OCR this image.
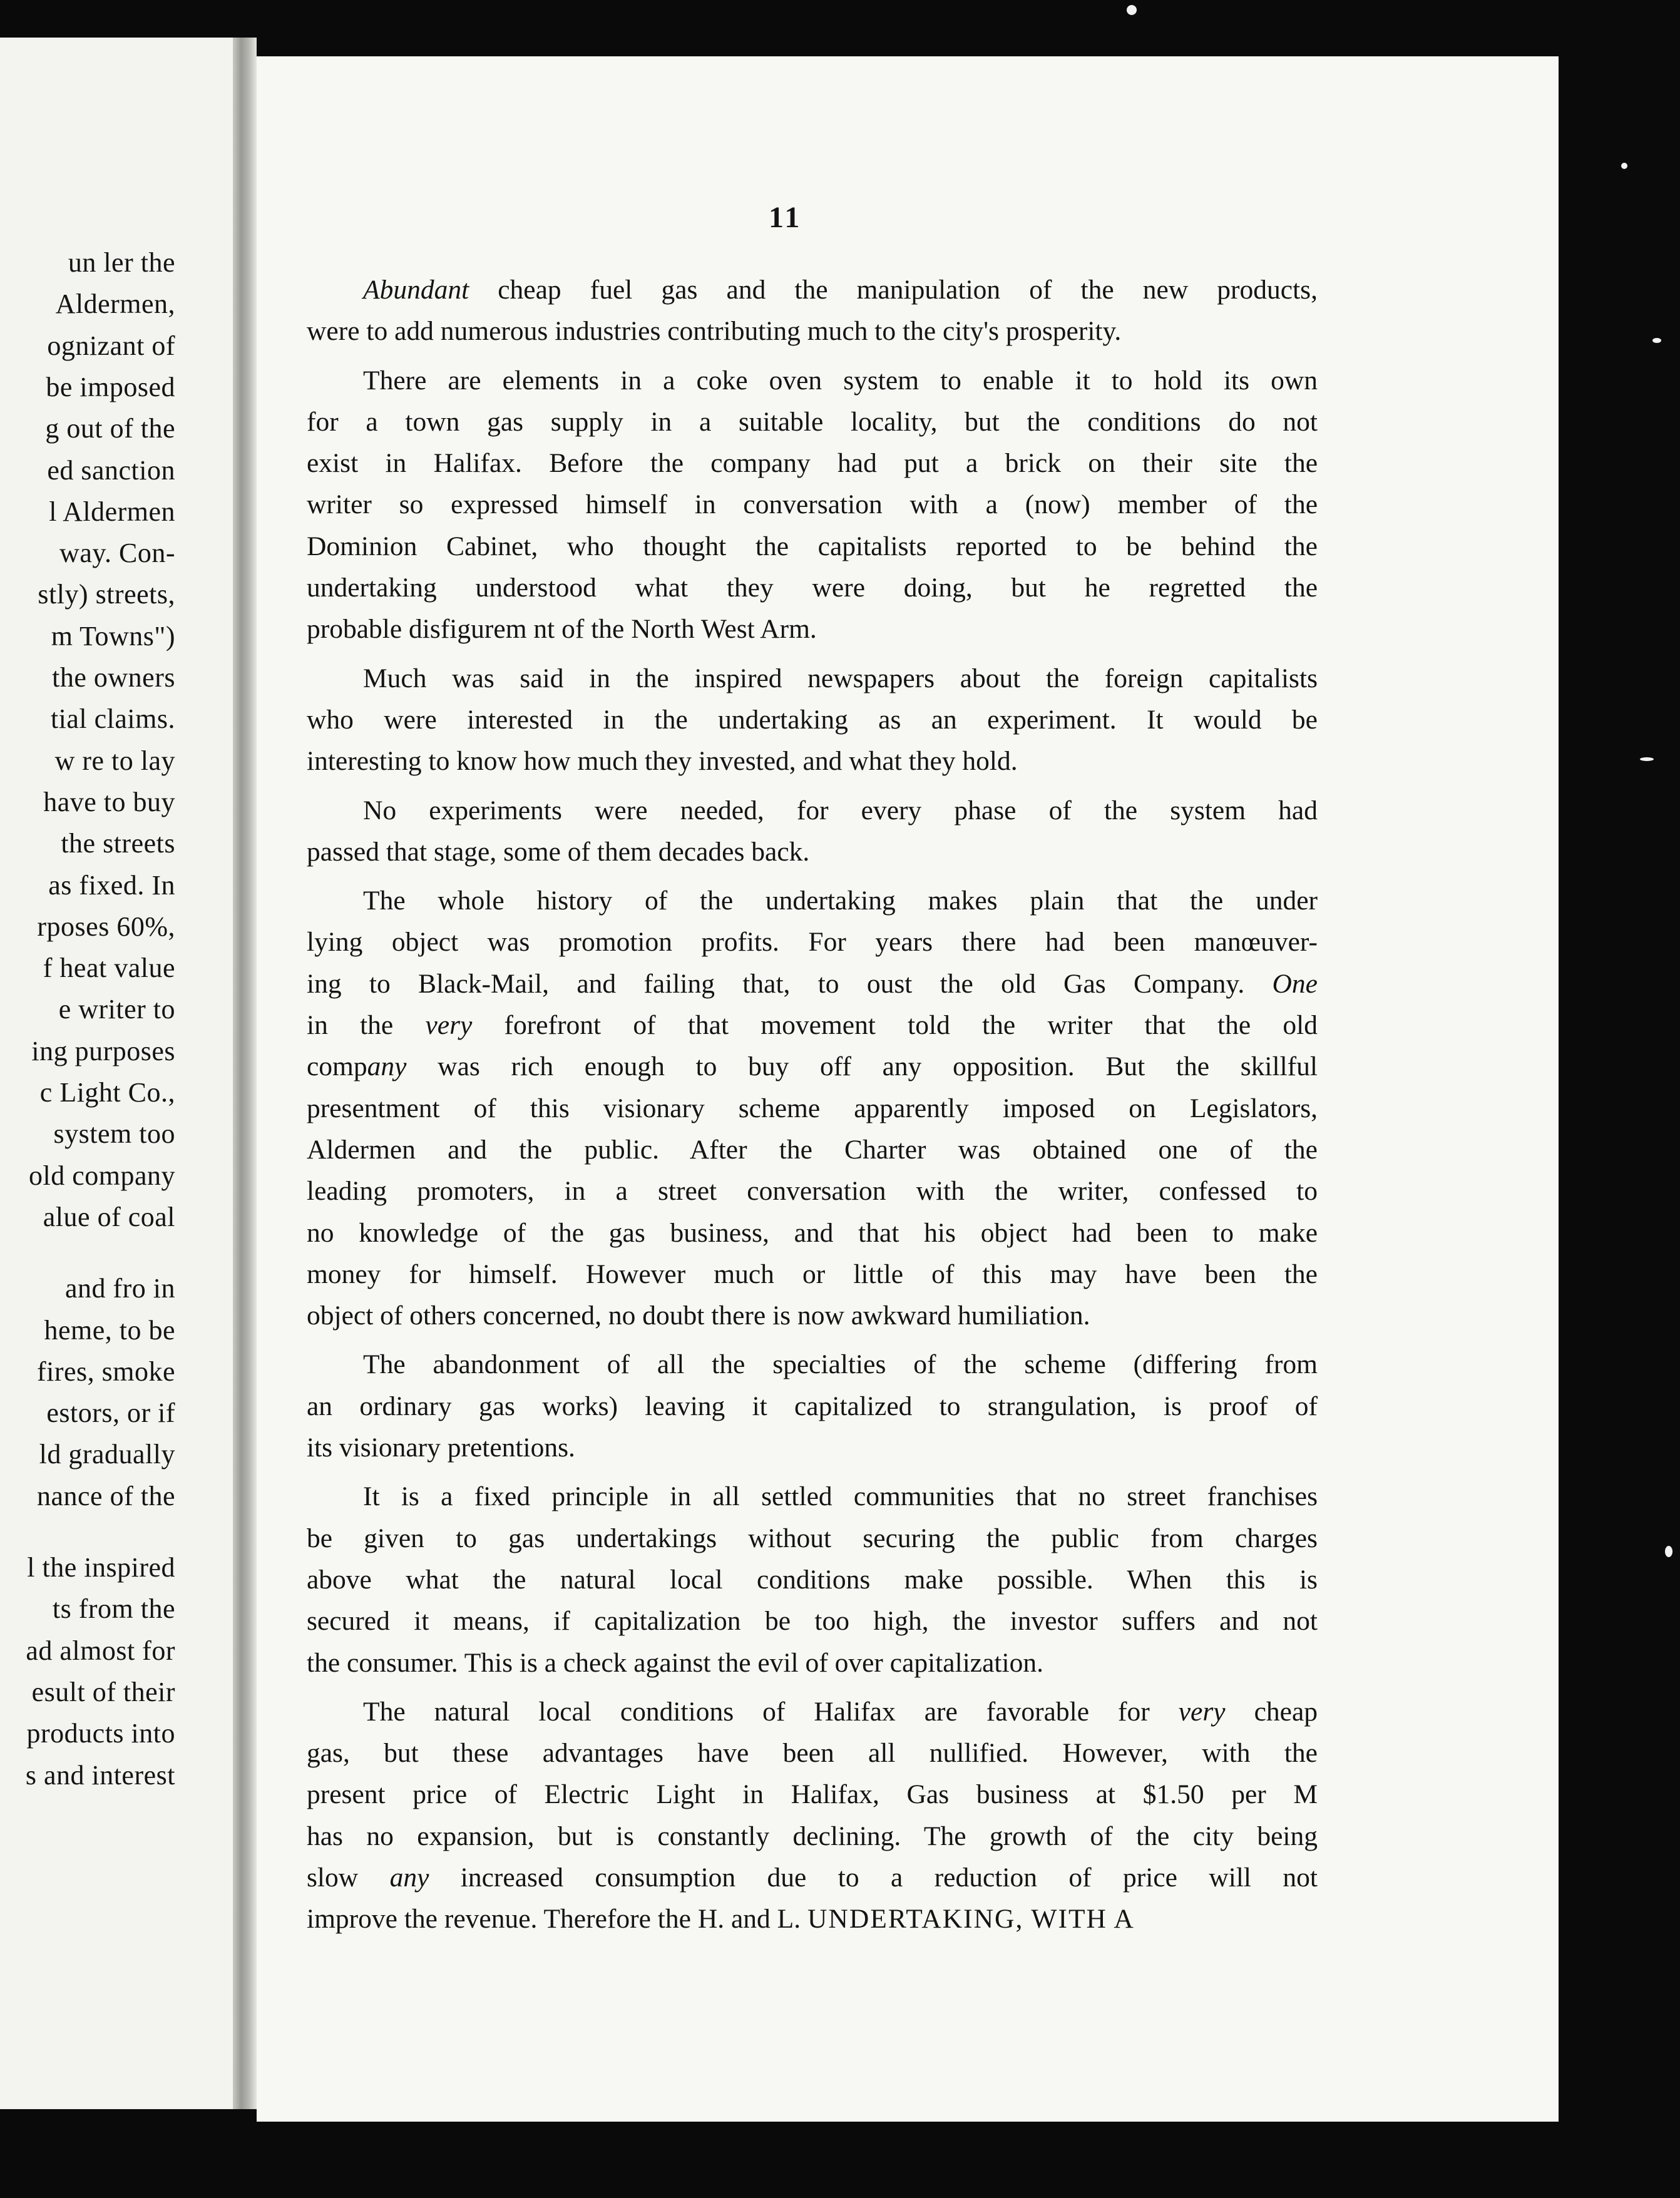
un ler the
Aldermen,
ognizant of
be imposed
g out of the
ed sanction
l Aldermen
way. Con-
stly) streets,
m Towns")
the owners
tial claims.
w re to lay
have to buy
the streets
as fixed. In
rposes 60%,
f heat value
e writer to
ing purposes
c Light Co.,
system too
old company
alue of coal
and fro in
heme, to be
fires, smoke
estors, or if
ld gradually
nance of the
l the inspired
ts from the
ad almost for
esult of their
products into
s and interest
11
Abundant cheap fuel gas and the manipulation of the new products,
were to add numerous industries contributing much to the city's prosperity.
There are elements in a coke oven system to enable it to hold its own
for a town gas supply in a suitable locality, but the conditions do not
exist in Halifax. Before the company had put a brick on their site the
writer so expressed himself in conversation with a (now) member of the
Dominion Cabinet, who thought the capitalists reported to be behind the
undertaking understood what they were doing, but he regretted the
probable disfigurem nt of the North West Arm.
Much was said in the inspired newspapers about the foreign capitalists
who were interested in the undertaking as an experiment. It would be
interesting to know how much they invested, and what they hold.
No experiments were needed, for every phase of the system had
passed that stage, some of them decades back.
The whole history of the undertaking makes plain that the under
lying object was promotion profits. For years there had been manœuver-
ing to Black-Mail, and failing that, to oust the old Gas Company. One
in the very forefront of that movement told the writer that the old
company was rich enough to buy off any opposition. But the skillful
presentment of this visionary scheme apparently imposed on Legislators,
Aldermen and the public. After the Charter was obtained one of the
leading promoters, in a street conversation with the writer, confessed to
no knowledge of the gas business, and that his object had been to make
money for himself. However much or little of this may have been the
object of others concerned, no doubt there is now awkward humiliation.
The abandonment of all the specialties of the scheme (differing from
an ordinary gas works) leaving it capitalized to strangulation, is proof of
its visionary pretentions.
It is a fixed principle in all settled communities that no street franchises
be given to gas undertakings without securing the public from charges
above what the natural local conditions make possible. When this is
secured it means, if capitalization be too high, the investor suffers and not
the consumer. This is a check against the evil of over capitalization.
The natural local conditions of Halifax are favorable for very cheap
gas, but these advantages have been all nullified. However, with the
present price of Electric Light in Halifax, Gas business at $1.50 per M
has no expansion, but is constantly declining. The growth of the city being
slow any increased consumption due to a reduction of price will not
improve the revenue. Therefore the H. and L. UNDERTAKING, WITH A
